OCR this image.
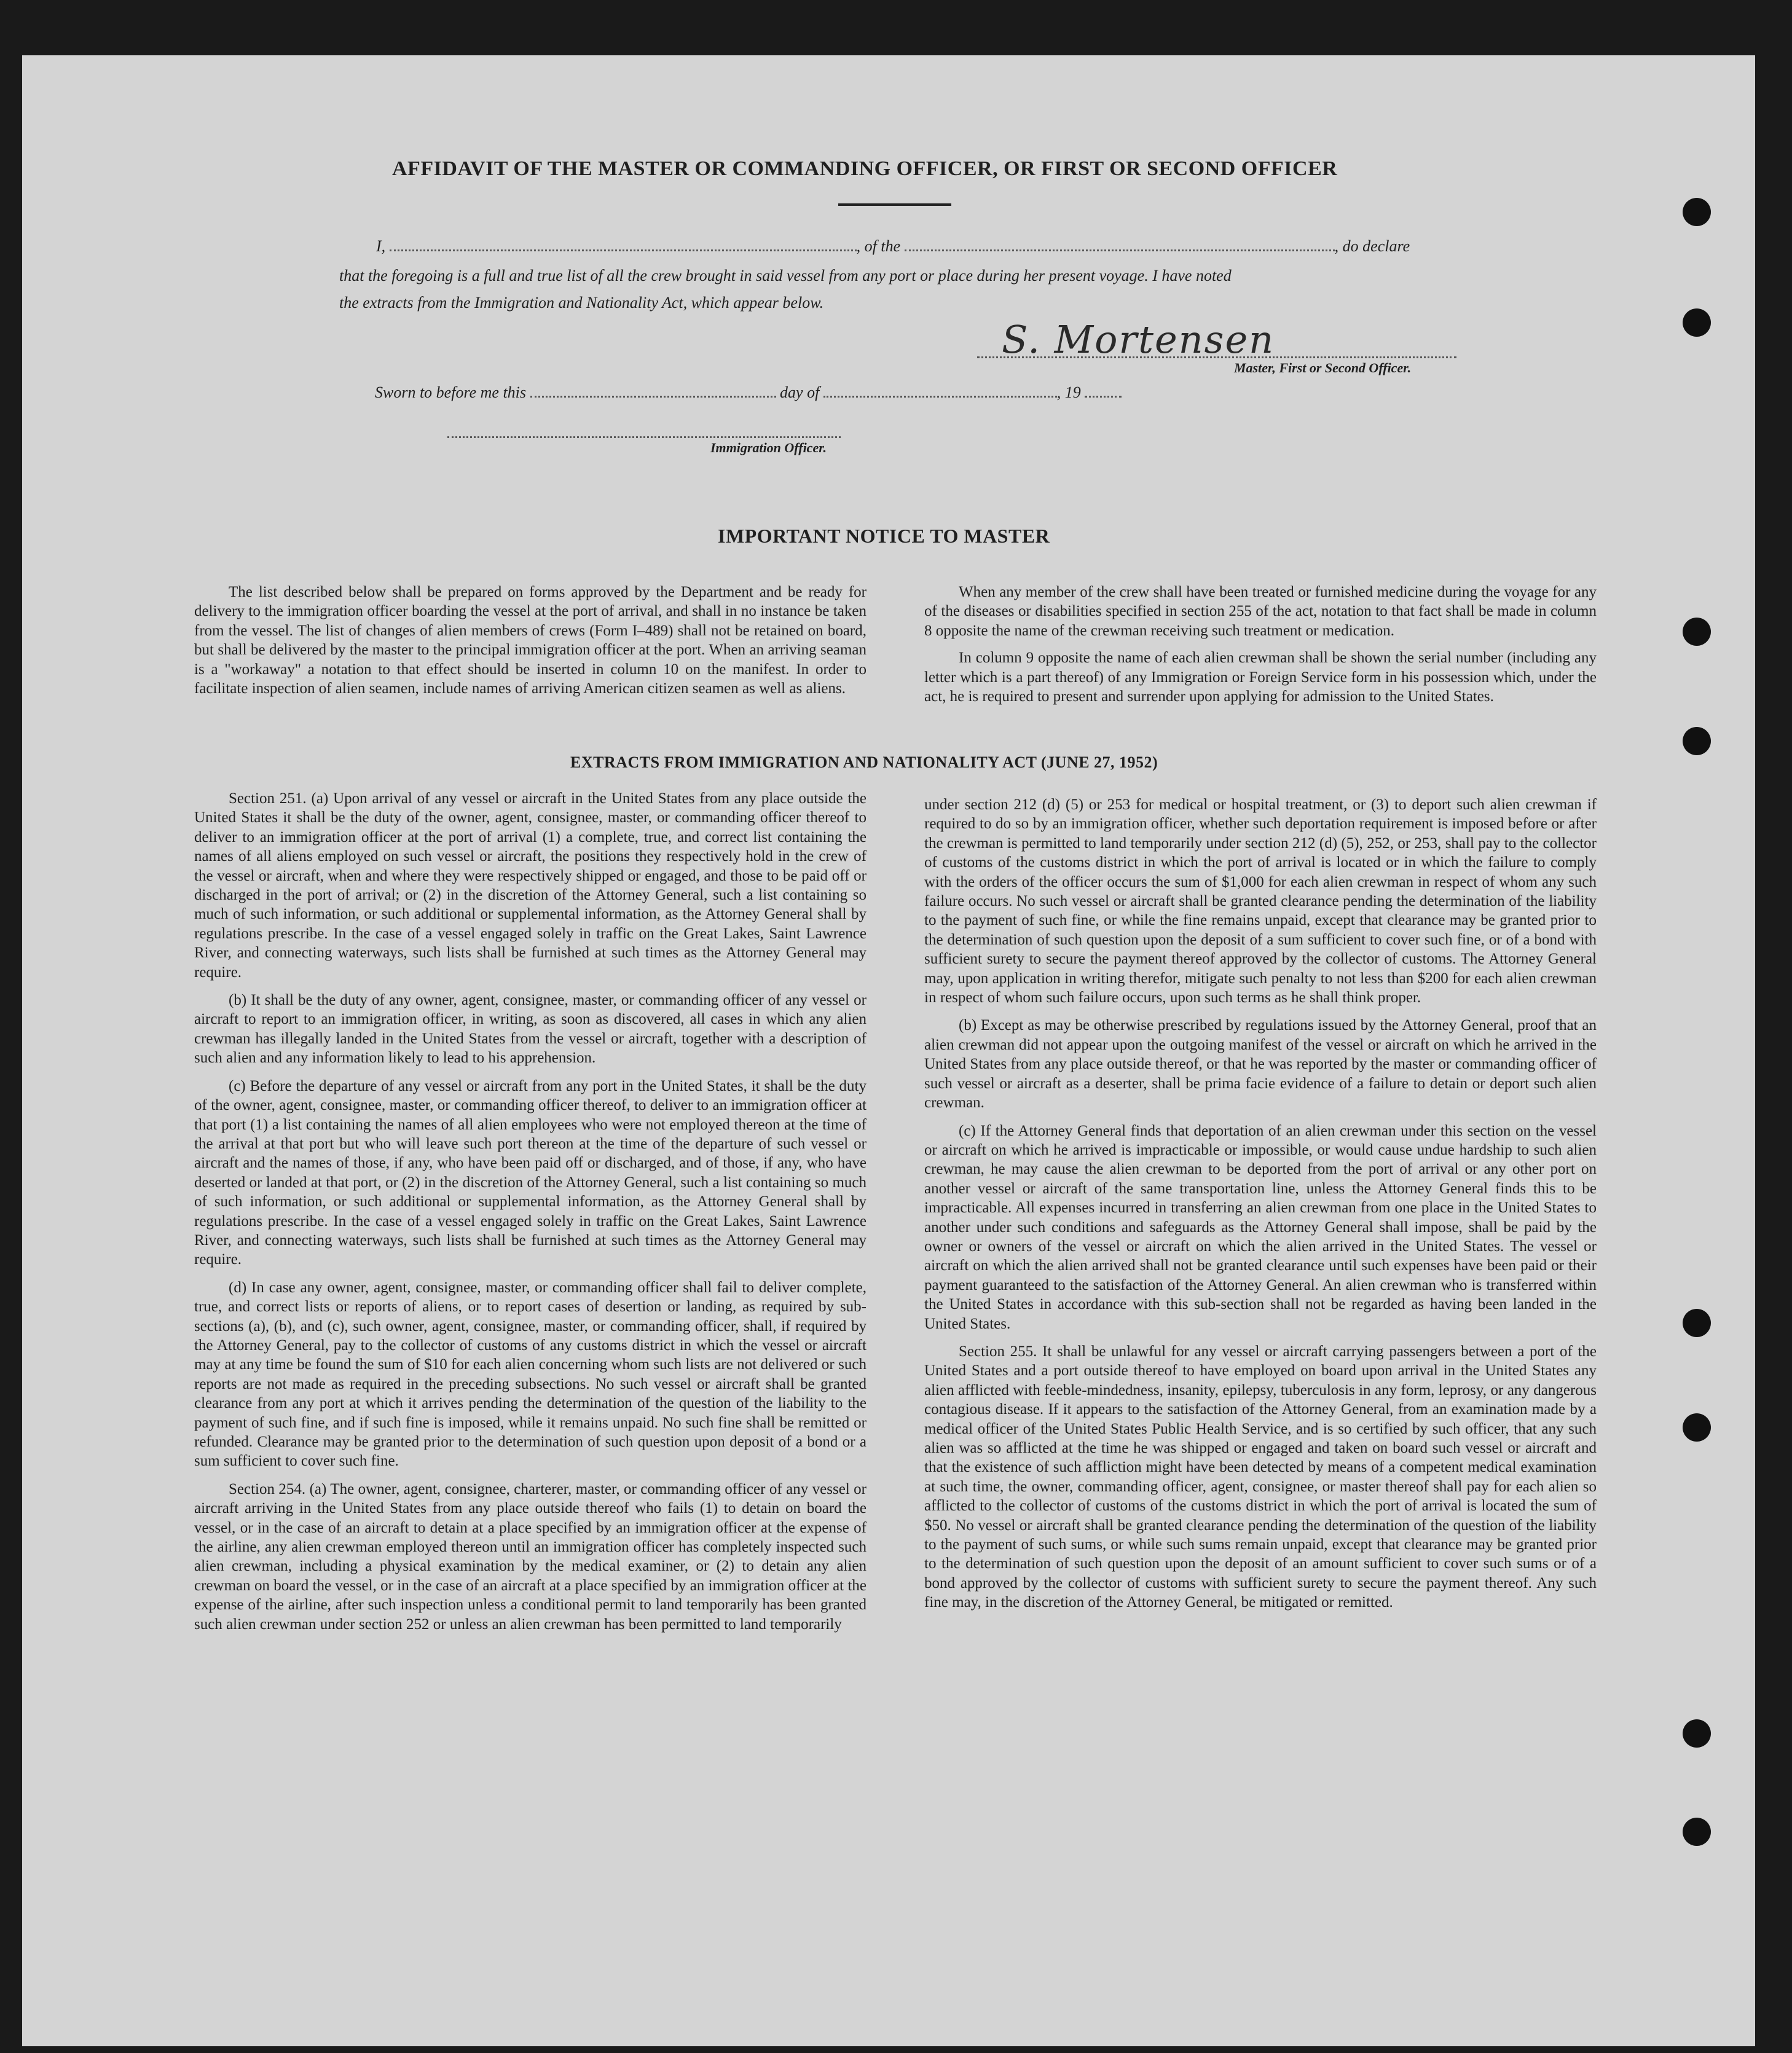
AFFIDAVIT OF THE MASTER OR COMMANDING OFFICER, OR FIRST OR SECOND OFFICER
I,	, of the	, do declare
that the foregoing is a full and true list of all the crew brought in said vessel from any port or place during her present voyage. I have noted
the extracts from the Immigration and Nationality Act, which appear below.
S. Mortensen
Master, First or Second Officer.
Sworn to before me this	day of	, 19
Immigration Officer.
IMPORTANT NOTICE TO MASTER

The list described below shall be prepared on forms approved by the Department and be ready for delivery to the immigration officer boarding the vessel at the port of arrival, and shall in no instance be taken from the vessel. The list of changes of alien members of crews (Form I–489) shall not be retained on board, but shall be delivered by the master to the principal immigration officer at the port. When an arriving seaman is a "workaway" a notation to that effect should be inserted in column 10 on the manifest. In order to facilitate inspection of alien seamen, include names of arriving American citizen seamen as well as aliens.

When any member of the crew shall have been treated or furnished medicine during the voyage for any of the diseases or disabilities specified in section 255 of the act, notation to that fact shall be made in column 8 opposite the name of the crewman receiving such treatment or medication.

In column 9 opposite the name of each alien crewman shall be shown the serial number (including any letter which is a part thereof) of any Immigration or Foreign Service form in his possession which, under the act, he is required to present and surrender upon applying for admission to the United States.

EXTRACTS FROM IMMIGRATION AND NATIONALITY ACT (JUNE 27, 1952)

Section 251. (a) Upon arrival of any vessel or aircraft in the United States from any place outside the United States it shall be the duty of the owner, agent, consignee, master, or commanding officer thereof to deliver to an immigration officer at the port of arrival (1) a complete, true, and correct list containing the names of all aliens employed on such vessel or aircraft, the positions they respectively hold in the crew of the vessel or aircraft, when and where they were respectively shipped or engaged, and those to be paid off or discharged in the port of arrival; or (2) in the discretion of the Attorney General, such a list containing so much of such information, or such additional or supplemental information, as the Attorney General shall by regulations prescribe. In the case of a vessel engaged solely in traffic on the Great Lakes, Saint Lawrence River, and connecting waterways, such lists shall be furnished at such times as the Attorney General may require.

(b) It shall be the duty of any owner, agent, consignee, master, or commanding officer of any vessel or aircraft to report to an immigration officer, in writing, as soon as discovered, all cases in which any alien crewman has illegally landed in the United States from the vessel or aircraft, together with a description of such alien and any information likely to lead to his apprehension.

(c) Before the departure of any vessel or aircraft from any port in the United States, it shall be the duty of the owner, agent, consignee, master, or commanding officer thereof, to deliver to an immigration officer at that port (1) a list containing the names of all alien employees who were not employed thereon at the time of the arrival at that port but who will leave such port thereon at the time of the departure of such vessel or aircraft and the names of those, if any, who have been paid off or discharged, and of those, if any, who have deserted or landed at that port, or (2) in the discretion of the Attorney General, such a list containing so much of such information, or such additional or supplemental information, as the Attorney General shall by regulations prescribe. In the case of a vessel engaged solely in traffic on the Great Lakes, Saint Lawrence River, and connecting waterways, such lists shall be furnished at such times as the Attorney General may require.

(d) In case any owner, agent, consignee, master, or commanding officer shall fail to deliver complete, true, and correct lists or reports of aliens, or to report cases of desertion or landing, as required by sub-sections (a), (b), and (c), such owner, agent, consignee, master, or commanding officer, shall, if required by the Attorney General, pay to the collector of customs of any customs district in which the vessel or aircraft may at any time be found the sum of $10 for each alien concerning whom such lists are not delivered or such reports are not made as required in the preceding subsections. No such vessel or aircraft shall be granted clearance from any port at which it arrives pending the determination of the question of the liability to the payment of such fine, and if such fine is imposed, while it remains unpaid. No such fine shall be remitted or refunded. Clearance may be granted prior to the determination of such question upon deposit of a bond or a sum sufficient to cover such fine.

Section 254. (a) The owner, agent, consignee, charterer, master, or commanding officer of any vessel or aircraft arriving in the United States from any place outside thereof who fails (1) to detain on board the vessel, or in the case of an aircraft to detain at a place specified by an immigration officer at the expense of the airline, any alien crewman employed thereon until an immigration officer has completely inspected such alien crewman, including a physical examination by the medical examiner, or (2) to detain any alien crewman on board the vessel, or in the case of an aircraft at a place specified by an immigration officer at the expense of the airline, after such inspection unless a conditional permit to land temporarily has been granted such alien crewman under section 252 or unless an alien crewman has been permitted to land temporarily

under section 212 (d) (5) or 253 for medical or hospital treatment, or (3) to deport such alien crewman if required to do so by an immigration officer, whether such deportation requirement is imposed before or after the crewman is permitted to land temporarily under section 212 (d) (5), 252, or 253, shall pay to the collector of customs of the customs district in which the port of arrival is located or in which the failure to comply with the orders of the officer occurs the sum of $1,000 for each alien crewman in respect of whom any such failure occurs. No such vessel or aircraft shall be granted clearance pending the determination of the liability to the payment of such fine, or while the fine remains unpaid, except that clearance may be granted prior to the determination of such question upon the deposit of a sum sufficient to cover such fine, or of a bond with sufficient surety to secure the payment thereof approved by the collector of customs. The Attorney General may, upon application in writing therefor, mitigate such penalty to not less than $200 for each alien crewman in respect of whom such failure occurs, upon such terms as he shall think proper.

(b) Except as may be otherwise prescribed by regulations issued by the Attorney General, proof that an alien crewman did not appear upon the outgoing manifest of the vessel or aircraft on which he arrived in the United States from any place outside thereof, or that he was reported by the master or commanding officer of such vessel or aircraft as a deserter, shall be prima facie evidence of a failure to detain or deport such alien crewman.

(c) If the Attorney General finds that deportation of an alien crewman under this section on the vessel or aircraft on which he arrived is impracticable or impossible, or would cause undue hardship to such alien crewman, he may cause the alien crewman to be deported from the port of arrival or any other port on another vessel or aircraft of the same transportation line, unless the Attorney General finds this to be impracticable. All expenses incurred in transferring an alien crewman from one place in the United States to another under such conditions and safeguards as the Attorney General shall impose, shall be paid by the owner or owners of the vessel or aircraft on which the alien arrived in the United States. The vessel or aircraft on which the alien arrived shall not be granted clearance until such expenses have been paid or their payment guaranteed to the satisfaction of the Attorney General. An alien crewman who is transferred within the United States in accordance with this sub-section shall not be regarded as having been landed in the United States.

Section 255. It shall be unlawful for any vessel or aircraft carrying passengers between a port of the United States and a port outside thereof to have employed on board upon arrival in the United States any alien afflicted with feeble-mindedness, insanity, epilepsy, tuberculosis in any form, leprosy, or any dangerous contagious disease. If it appears to the satisfaction of the Attorney General, from an examination made by a medical officer of the United States Public Health Service, and is so certified by such officer, that any such alien was so afflicted at the time he was shipped or engaged and taken on board such vessel or aircraft and that the existence of such affliction might have been detected by means of a competent medical examination at such time, the owner, commanding officer, agent, consignee, or master thereof shall pay for each alien so afflicted to the collector of customs of the customs district in which the port of arrival is located the sum of $50. No vessel or aircraft shall be granted clearance pending the determination of the question of the liability to the payment of such sums, or while such sums remain unpaid, except that clearance may be granted prior to the determination of such question upon the deposit of an amount sufficient to cover such sums or of a bond approved by the collector of customs with sufficient surety to secure the payment thereof. Any such fine may, in the discretion of the Attorney General, be mitigated or remitted.
